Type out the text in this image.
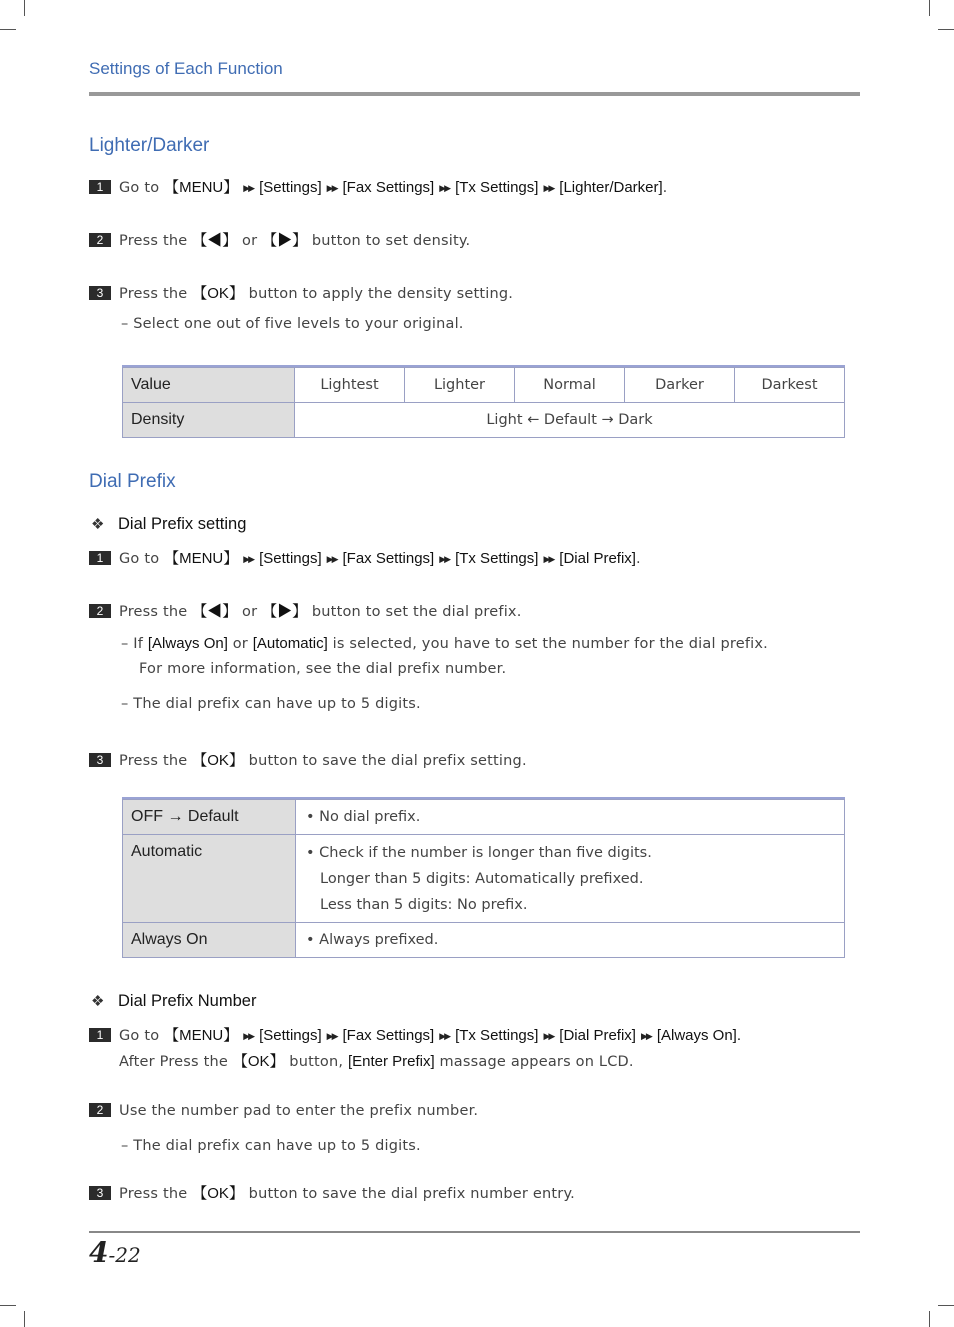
Settings of Each Function
Lighter/Darker
1 Go to 【MENU】 ▶▶ [Settings] ▶▶ [Fax Settings] ▶▶ [Tx Settings] ▶▶ [Lighter/Darker].
2 Press the 【◀】 or 【▶】 button to set density.
3 Press the 【OK】 button to apply the density setting.
– Select one out of five levels to your original.
Value	Lightest	Lighter	Normal	Darker	Darkest
Density	Light ← Default → Dark				
Dial Prefix
❖ Dial Prefix setting
1 Go to 【MENU】 ▶▶ [Settings] ▶▶ [Fax Settings] ▶▶ [Tx Settings] ▶▶ [Dial Prefix].
2 Press the 【◀】 or 【▶】 button to set the dial prefix.
– If [Always On] or [Automatic] is selected, you have to set the number for the dial prefix.
For more information, see the dial prefix number.
– The dial prefix can have up to 5 digits.
3 Press the 【OK】 button to save the dial prefix setting.
OFF → Default	• No dial prefix.
Automatic	• Check if the number is longer than five digits.
Longer than 5 digits: Automatically prefixed.
Less than 5 digits: No prefix.

Always On	• Always prefixed.
❖ Dial Prefix Number
1 Go to 【MENU】 ▶▶ [Settings] ▶▶ [Fax Settings] ▶▶ [Tx Settings] ▶▶ [Dial Prefix] ▶▶ [Always On].
After Press the 【OK】 button, [Enter Prefix] massage appears on LCD.
2 Use the number pad to enter the prefix number.
– The dial prefix can have up to 5 digits.
3 Press the 【OK】 button to save the dial prefix number entry.
4-22
